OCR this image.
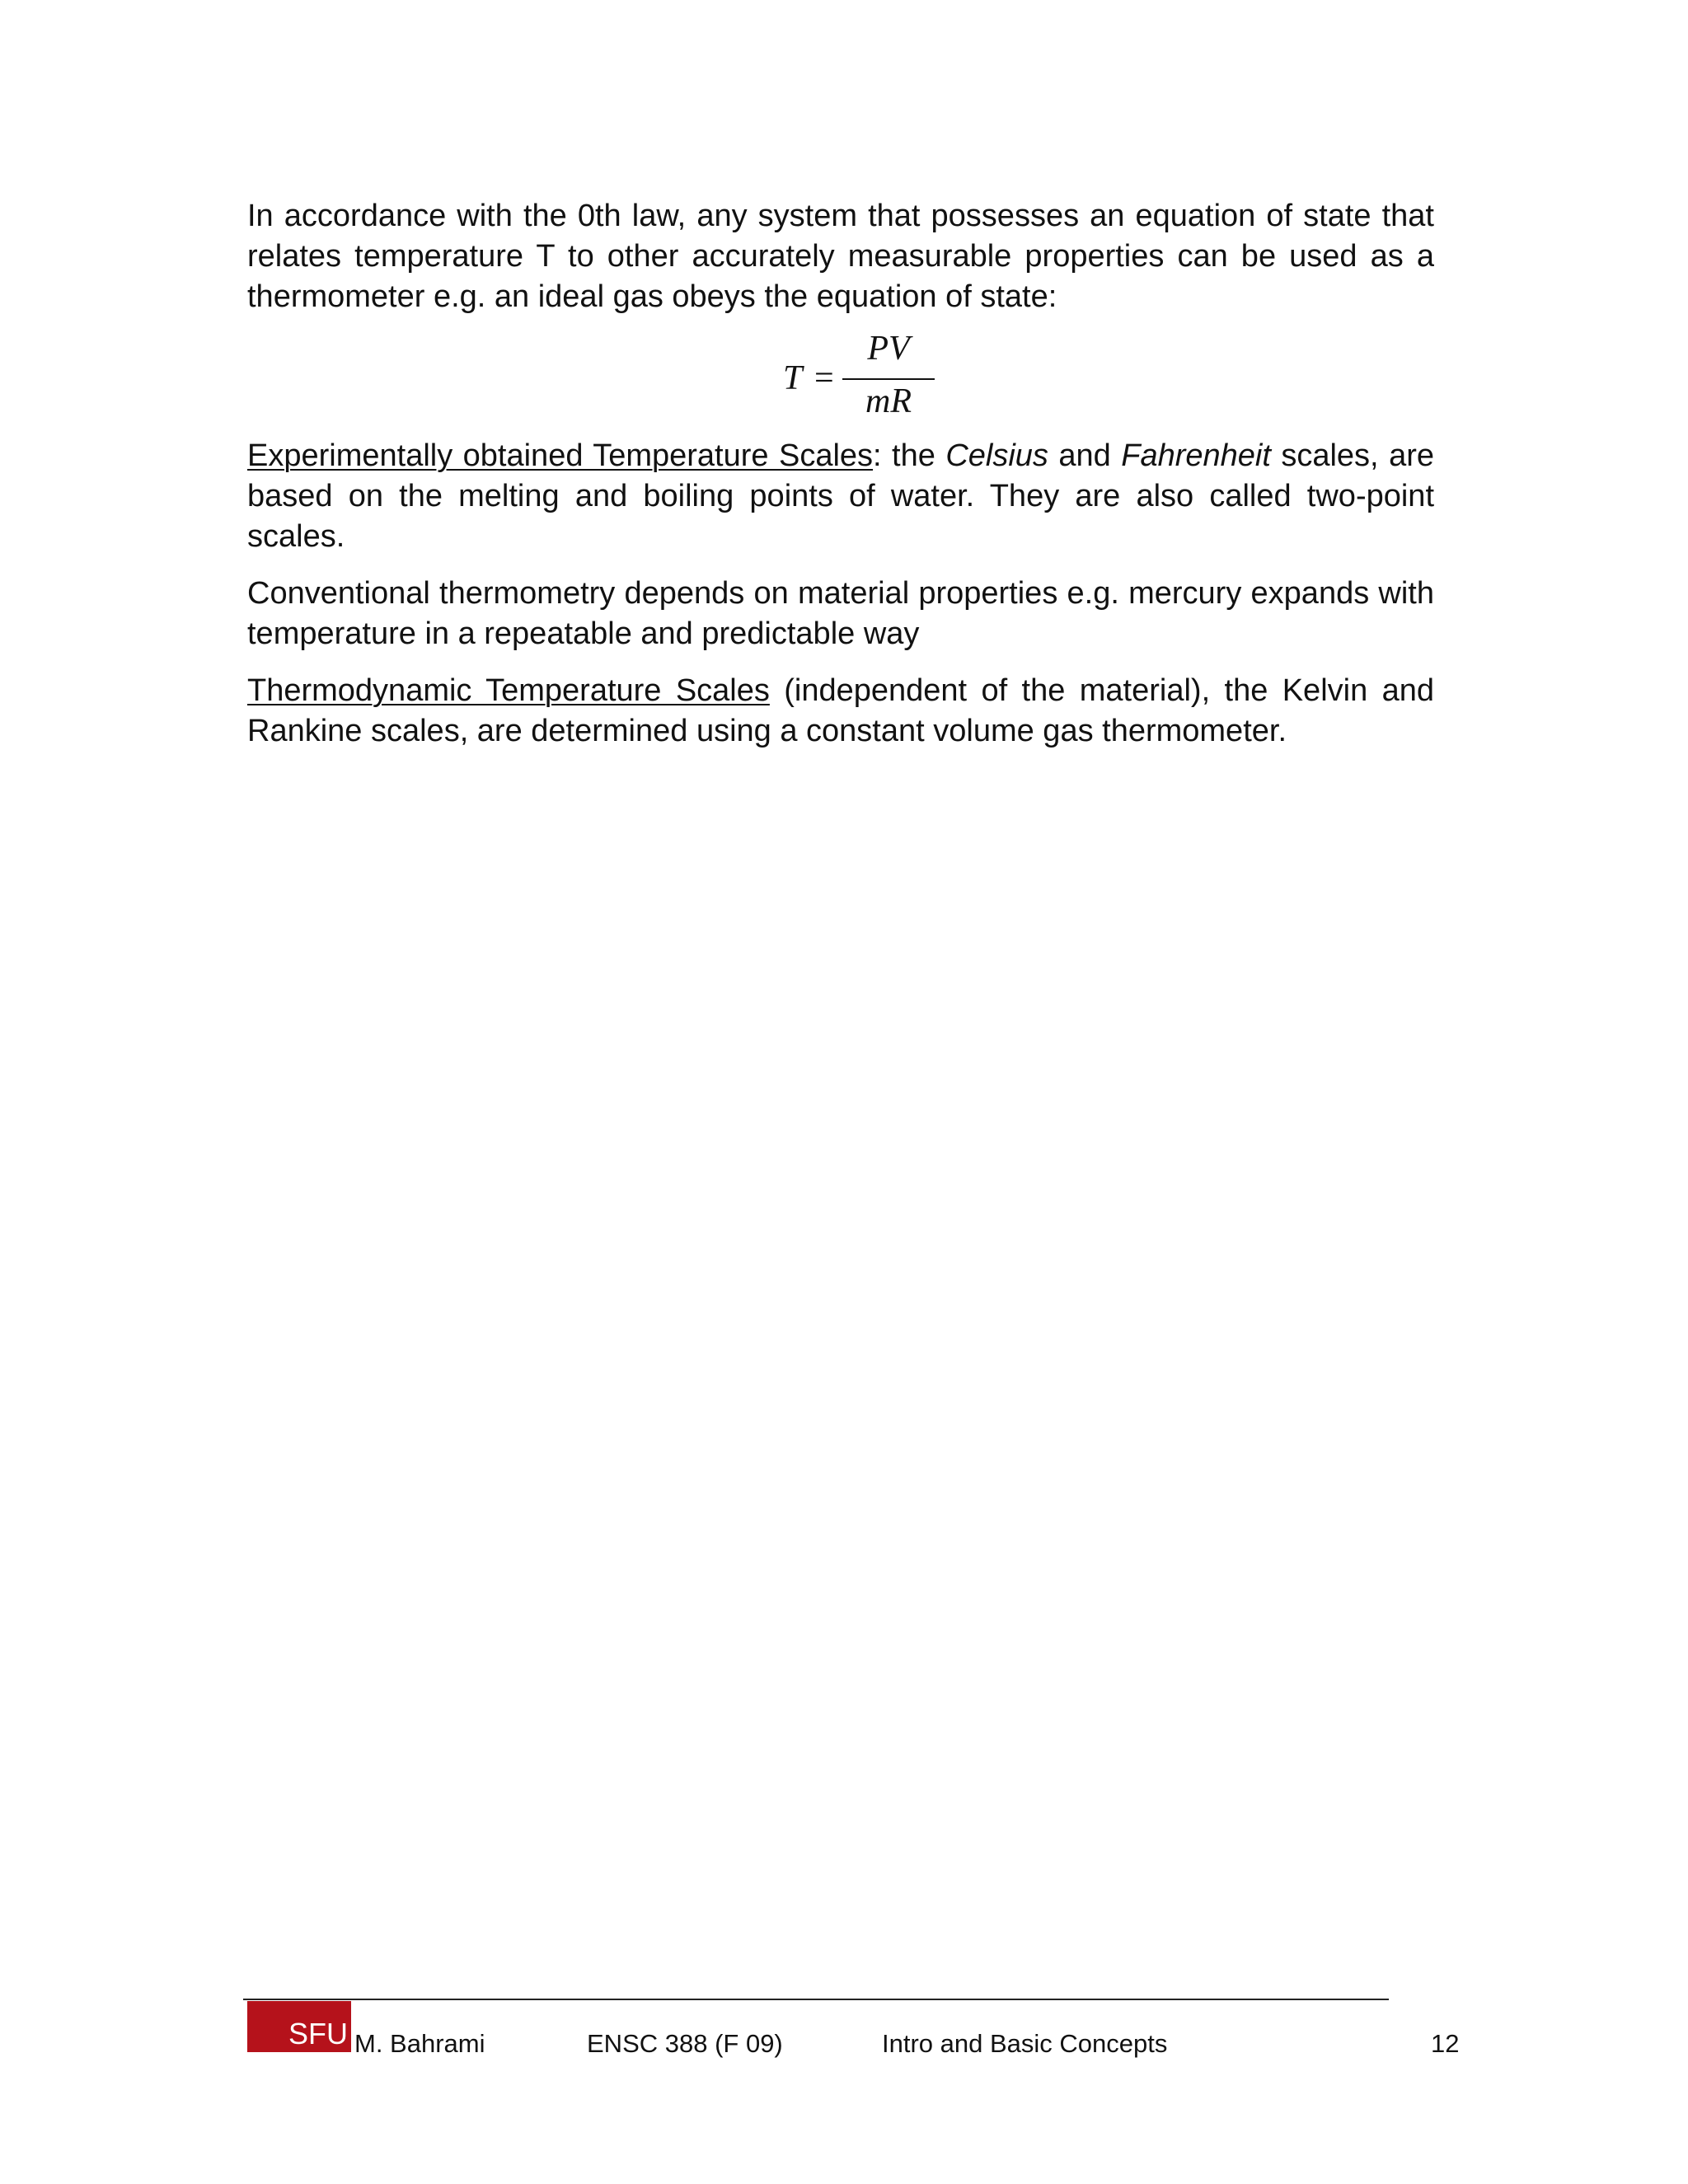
In accordance with the 0th law, any system that possesses an equation of state that relates temperature T to other accurately measurable properties can be used as a thermometer e.g. an ideal gas obeys the equation of state:

T =
PV
mR

Experimentally obtained Temperature Scales: the Celsius and Fahrenheit scales, are based on the melting and boiling points of water. They are also called two-point scales.

Conventional thermometry depends on material properties e.g. mercury expands with temperature in a repeatable and predictable way

Thermodynamic Temperature Scales (independent of the material), the Kelvin and Rankine scales, are determined using a constant volume gas thermometer.

SFU M. Bahrami	ENSC 388 (F 09)	Intro and Basic Concepts	12
